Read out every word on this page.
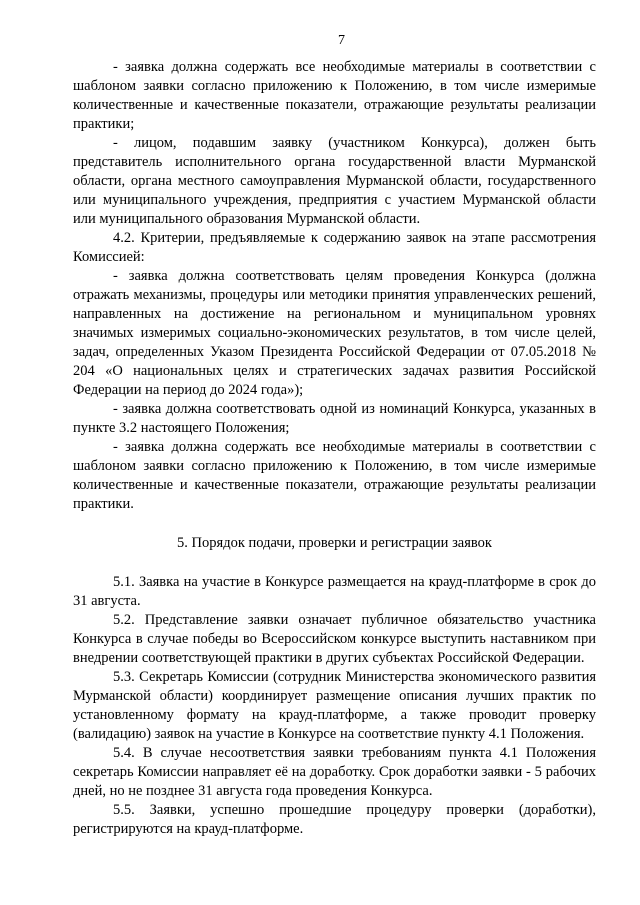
7

- заявка должна содержать все необходимые материалы в соответствии с шаблоном заявки согласно приложению к Положению, в том числе измеримые количественные и качественные показатели, отражающие результаты реализации практики;

- лицом, подавшим заявку (участником Конкурса), должен быть представитель исполнительного органа государственной власти Мурманской области, органа местного самоуправления Мурманской области, государственного или муниципального учреждения, предприятия с участием Мурманской области или муниципального образования Мурманской области.

4.2. Критерии, предъявляемые к содержанию заявок на этапе рассмотрения Комиссией:

- заявка должна соответствовать целям проведения Конкурса (должна отражать механизмы, процедуры или методики принятия управленческих решений, направленных на достижение на региональном и муниципальном уровнях значимых измеримых социально-экономических результатов, в том числе целей, задач, определенных Указом Президента Российской Федерации от 07.05.2018 № 204 «О национальных целях и стратегических задачах развития Российской Федерации на период до 2024 года»);

- заявка должна соответствовать одной из номинаций Конкурса, указанных в пункте 3.2 настоящего Положения;

- заявка должна содержать все необходимые материалы в соответствии с шаблоном заявки согласно приложению к Положению, в том числе измеримые количественные и качественные показатели, отражающие результаты реализации практики.

5. Порядок подачи, проверки и регистрации заявок

5.1. Заявка на участие в Конкурсе размещается на крауд-платформе в срок до 31 августа.

5.2. Представление заявки означает публичное обязательство участника Конкурса в случае победы во Всероссийском конкурсе выступить наставником при внедрении соответствующей практики в других субъектах Российской Федерации.

5.3. Секретарь Комиссии (сотрудник Министерства экономического развития Мурманской области) координирует размещение описания лучших практик по установленному формату на крауд-платформе, а также проводит проверку (валидацию) заявок на участие в Конкурсе на соответствие пункту 4.1 Положения.

5.4. В случае несоответствия заявки требованиям пункта 4.1 Положения секретарь Комиссии направляет её на доработку. Срок доработки заявки - 5 рабочих дней, но не позднее 31 августа года проведения Конкурса.

5.5. Заявки, успешно прошедшие процедуру проверки (доработки), регистрируются на крауд-платформе.
